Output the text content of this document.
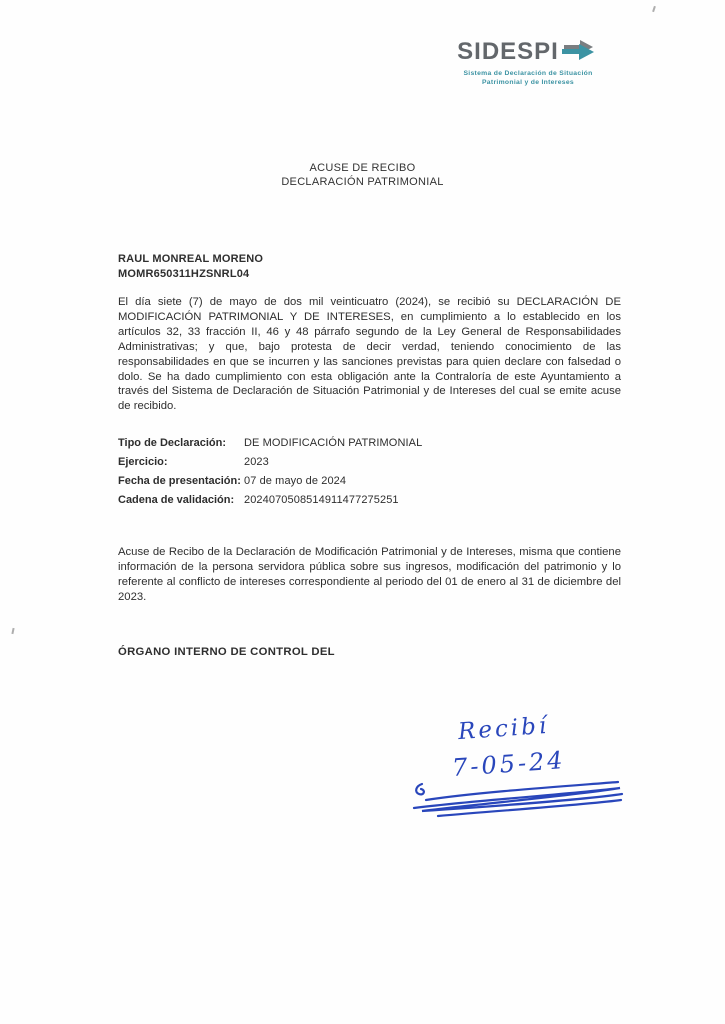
SIDESPI
Sistema de Declaración de Situación
Patrimonial y de Intereses
ACUSE DE RECIBO
DECLARACIÓN PATRIMONIAL
RAUL MONREAL MORENO
MOMR650311HZSNRL04
El día siete (7) de mayo de dos mil veinticuatro (2024), se recibió su DECLARACIÓN DE MODIFICACIÓN PATRIMONIAL Y DE INTERESES, en cumplimiento a lo establecido en los artículos 32, 33 fracción II, 46 y 48 párrafo segundo de la Ley General de Responsabilidades Administrativas; y que, bajo protesta de decir verdad, teniendo conocimiento de las responsabilidades en que se incurren y las sanciones previstas para quien declare con falsedad o dolo. Se ha dado cumplimiento con esta obligación ante la Contraloría de este Ayuntamiento a través del Sistema de Declaración de Situación Patrimonial y de Intereses del cual se emite acuse de recibido.
Tipo de Declaración:	DE MODIFICACIÓN PATRIMONIAL
Ejercicio:	2023
Fecha de presentación: 07 de mayo de 2024
Cadena de validación: 2024070508514911477275251
Acuse de Recibo de la Declaración de Modificación Patrimonial y de Intereses, misma que contiene información de la persona servidora pública sobre sus ingresos, modificación del patrimonio y lo referente al conflicto de intereses correspondiente al periodo del 01 de enero al 31 de diciembre del 2023.
ÓRGANO INTERNO DE CONTROL DEL
Recibí
7-05-24
